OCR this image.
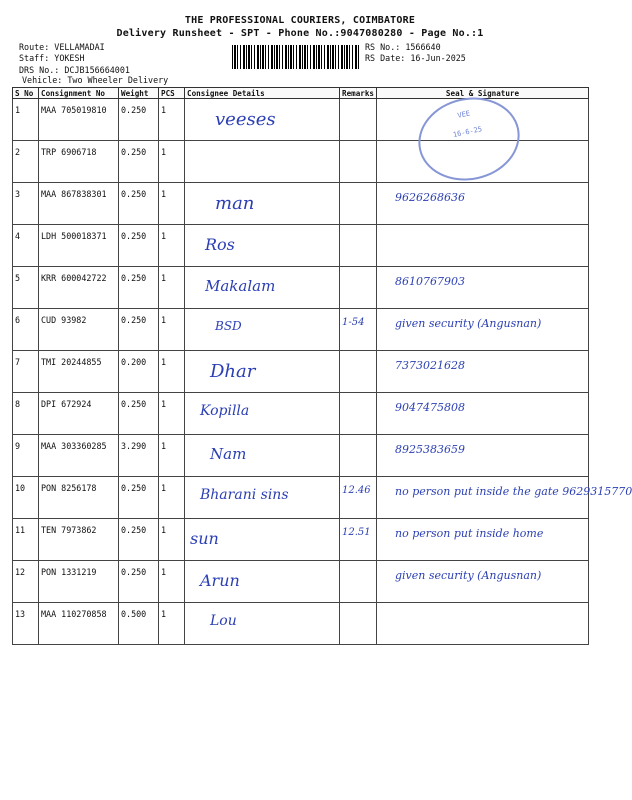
THE PROFESSIONAL COURIERS, COIMBATORE
Delivery Runsheet - SPT - Phone No.:9047080280 - Page No.:1
Route: VELLAMADAI
Staff: YOKESH
DRS No.: DCJB156664001
Vehicle: Two Wheeler Delivery
RS No.: 1566640
RS Date: 16-Jun-2025
S No	Consignment No	Weight	PCS	Consignee Details	Remarks	Seal & Signature
1	MAA 705019810	0.250	1	veeses		

2	TRP 6906718	0.250	1	

3	MAA 867838301	0.250	1	man		9626268636

4	LDH 500018371	0.250	1	Ros		

5	KRR 600042722	0.250	1	Makalam		8610767903

6	CUD 93982	0.250	1	BSD	1-54	given security (Angusnan)

7	TMI 20244855	0.200	1	Dhar		7373021628

8	DPI 672924	0.250	1	Kopilla		9047475808

9	MAA 303360285	3.290	1	Nam		8925383659

10	PON 8256178	0.250	1	Bharani sins	12.46	no person put inside the gate 9629315770

11	TEN 7973862	0.250	1	sun	12.51	no person put inside home

12	PON 1331219	0.250	1	Arun		given security (Angusnan)

13	MAA 110270858	0.500	1	Lou		

VEE
16-6-25
